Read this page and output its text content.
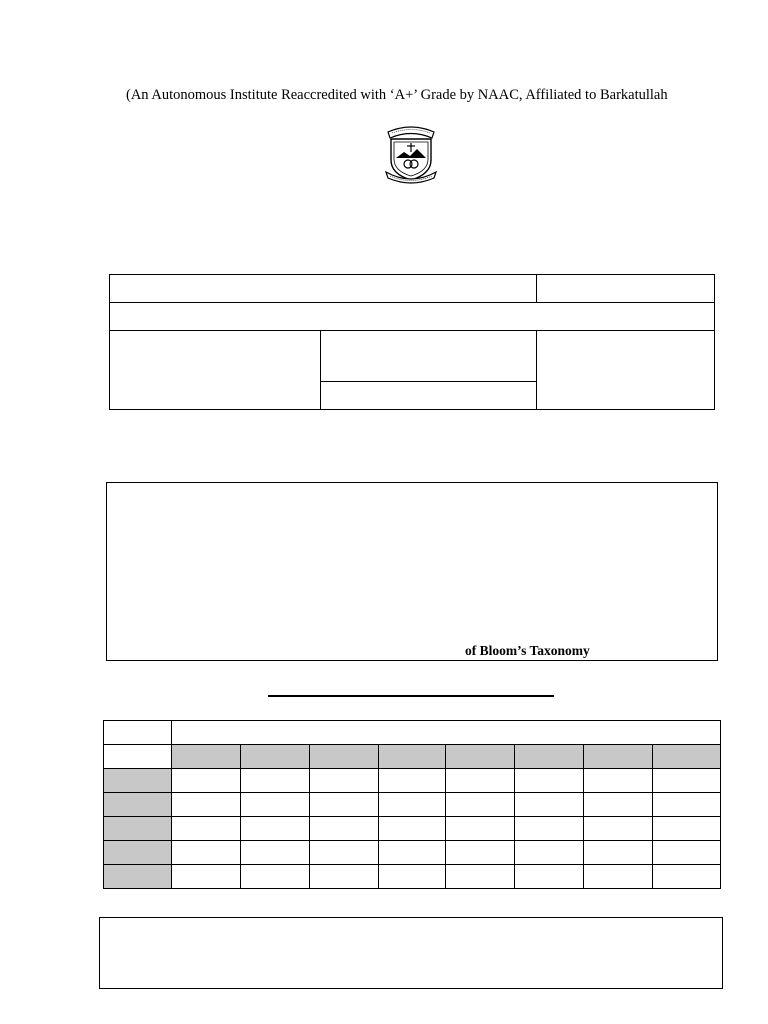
(An Autonomous Institute Reaccredited with ‘A+’ Grade by NAAC, Affiliated to Barkatullah

of Bloom’s Taxonomy
